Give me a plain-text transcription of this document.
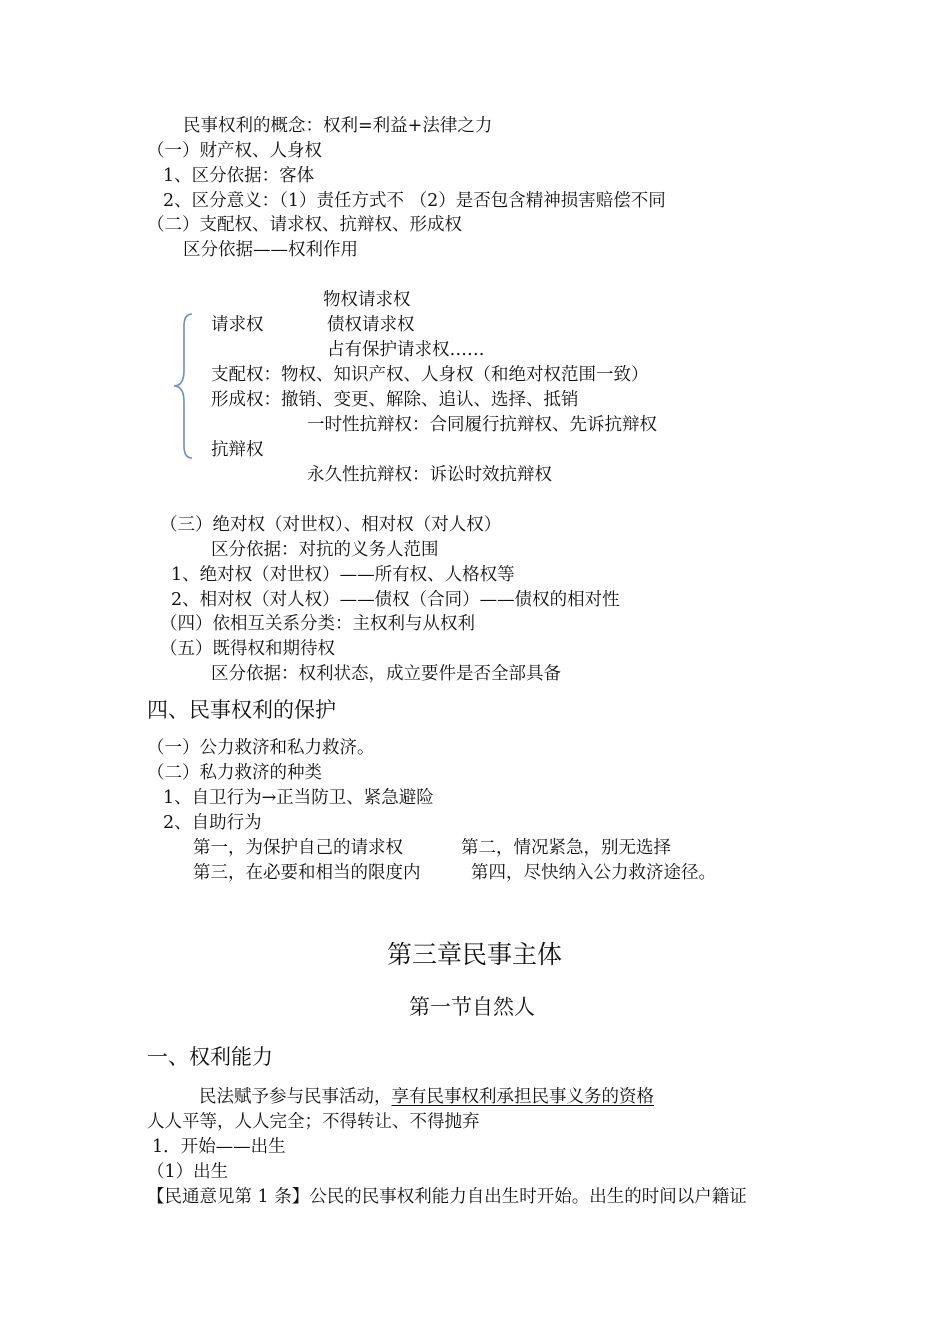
民事权利的概念：权利=利益+法律之力
（一）财产权、人身权
1、区分依据：客体
2、区分意义：（1）责任方式不 （2）是否包含精神损害赔偿不同
（二）支配权、请求权、抗辩权、形成权
区分依据——权利作用
物权请求权
请求权	债权请求权
占有保护请求权……
支配权：物权、知识产权、人身权（和绝对权范围一致）
形成权：撤销、变更、解除、追认、选择、抵销
一时性抗辩权：合同履行抗辩权、先诉抗辩权
抗辩权
永久性抗辩权：诉讼时效抗辩权
（三）绝对权（对世权）、相对权（对人权）
区分依据：对抗的义务人范围
1、绝对权（对世权）——所有权、人格权等
2、相对权（对人权）——债权（合同）——债权的相对性
（四）依相互关系分类：主权利与从权利
（五）既得权和期待权
区分依据：权利状态，成立要件是否全部具备
四、民事权利的保护
（一）公力救济和私力救济。
（二）私力救济的种类
1、自卫行为→正当防卫、紧急避险
2、自助行为
第一，为保护自己的请求权	第二，情况紧急，别无选择
第三，在必要和相当的限度内	第四，尽快纳入公力救济途径。
第三章民事主体
第一节自然人
一、权利能力
民法赋予参与民事活动，享有民事权利承担民事义务的资格
人人平等，人人完全；不得转让、不得抛弃
1．开始——出生
（1）出生
【民通意见第 1 条】公民的民事权利能力自出生时开始。出生的时间以户籍证
